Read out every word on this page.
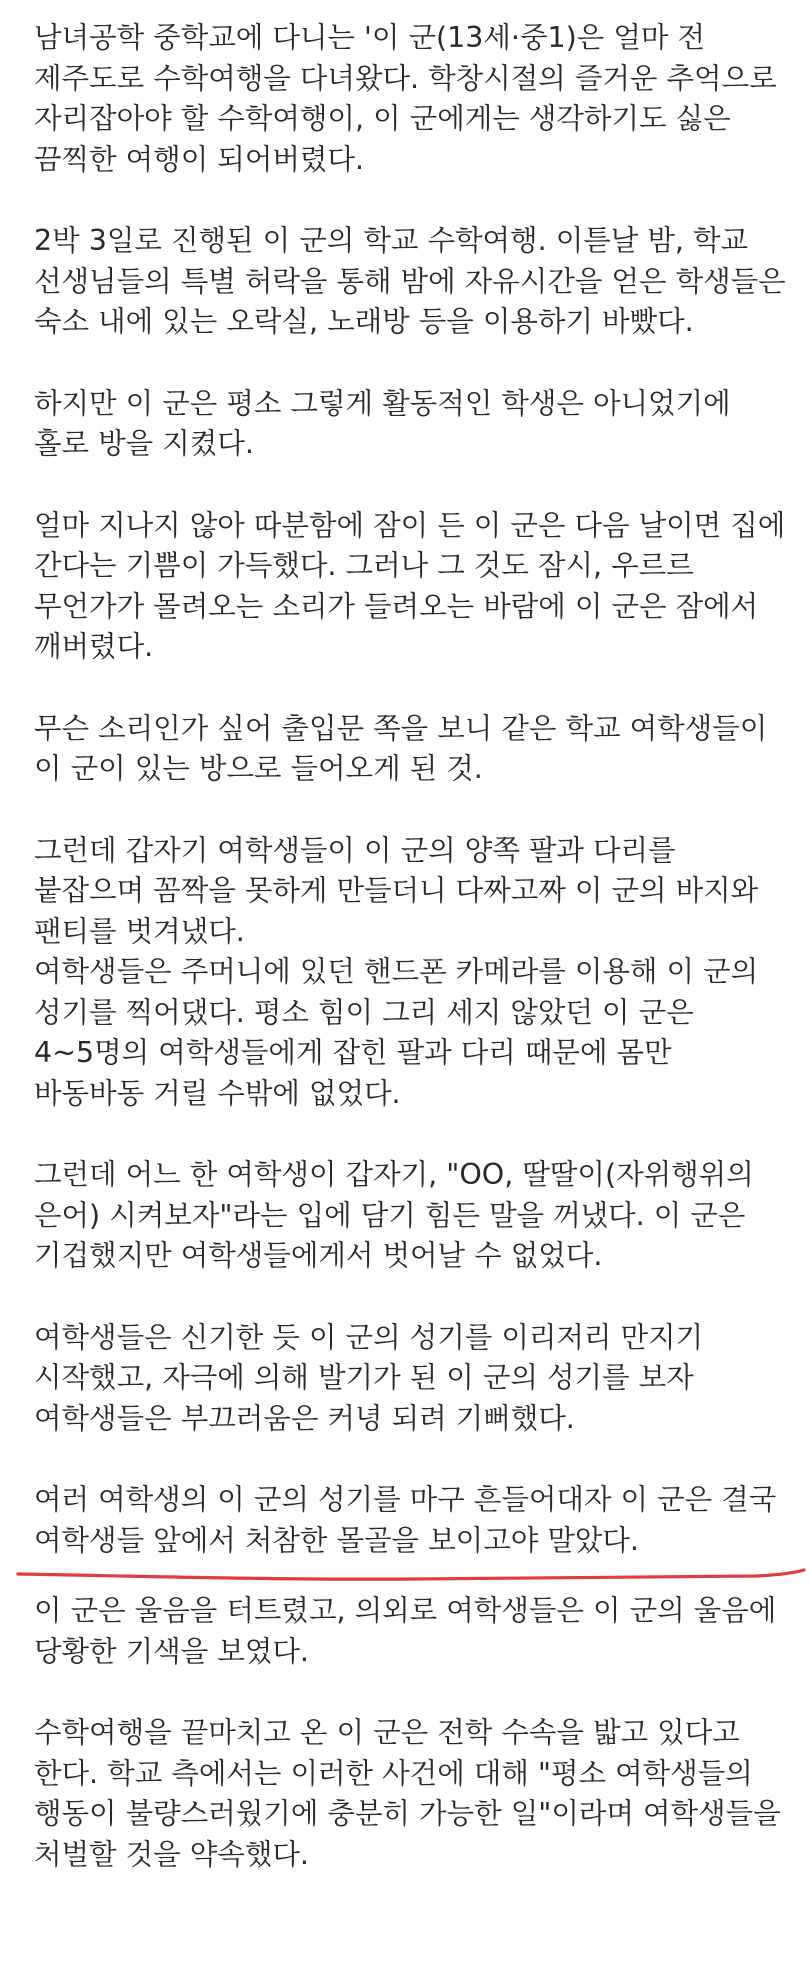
남녀공학 중학교에 다니는 '이 군(13세·중1)은 얼마 전 제주도로 수학여행을 다녀왔다. 학창시절의 즐거운 추억으로 자리잡아야 할 수학여행이, 이 군에게는 생각하기도 싫은 끔찍한 여행이 되어버렸다.

2박 3일로 진행된 이 군의 학교 수학여행. 이튿날 밤, 학교 선생님들의 특별 허락을 통해 밤에 자유시간을 얻은 학생들은 숙소 내에 있는 오락실, 노래방 등을 이용하기 바빴다.

하지만 이 군은 평소 그렇게 활동적인 학생은 아니었기에 홀로 방을 지켰다.

얼마 지나지 않아 따분함에 잠이 든 이 군은 다음 날이면 집에 간다는 기쁨이 가득했다. 그러나 그 것도 잠시, 우르르 무언가가 몰려오는 소리가 들려오는 바람에 이 군은 잠에서 깨버렸다.

무슨 소리인가 싶어 출입문 쪽을 보니 같은 학교 여학생들이 이 군이 있는 방으로 들어오게 된 것.

그런데 갑자기 여학생들이 이 군의 양쪽 팔과 다리를 붙잡으며 꼼짝을 못하게 만들더니 다짜고짜 이 군의 바지와 팬티를 벗겨냈다.

여학생들은 주머니에 있던 핸드폰 카메라를 이용해 이 군의 성기를 찍어댔다. 평소 힘이 그리 세지 않았던 이 군은 4~5명의 여학생들에게 잡힌 팔과 다리 때문에 몸만 바동바동 거릴 수밖에 없었다.

그런데 어느 한 여학생이 갑자기, "OO, 딸딸이(자위행위의 은어) 시켜보자"라는 입에 담기 힘든 말을 꺼냈다. 이 군은 기겁했지만 여학생들에게서 벗어날 수 없었다.

여학생들은 신기한 듯 이 군의 성기를 이리저리 만지기 시작했고, 자극에 의해 발기가 된 이 군의 성기를 보자 여학생들은 부끄러움은 커녕 되려 기뻐했다.

여러 여학생의 이 군의 성기를 마구 흔들어대자 이 군은 결국 여학생들 앞에서 처참한 몰골을 보이고야 말았다.

이 군은 울음을 터트렸고, 의외로 여학생들은 이 군의 울음에 당황한 기색을 보였다.

수학여행을 끝마치고 온 이 군은 전학 수속을 밟고 있다고 한다. 학교 측에서는 이러한 사건에 대해 "평소 여학생들의 행동이 불량스러웠기에 충분히 가능한 일"이라며 여학생들을 처벌할 것을 약속했다.
